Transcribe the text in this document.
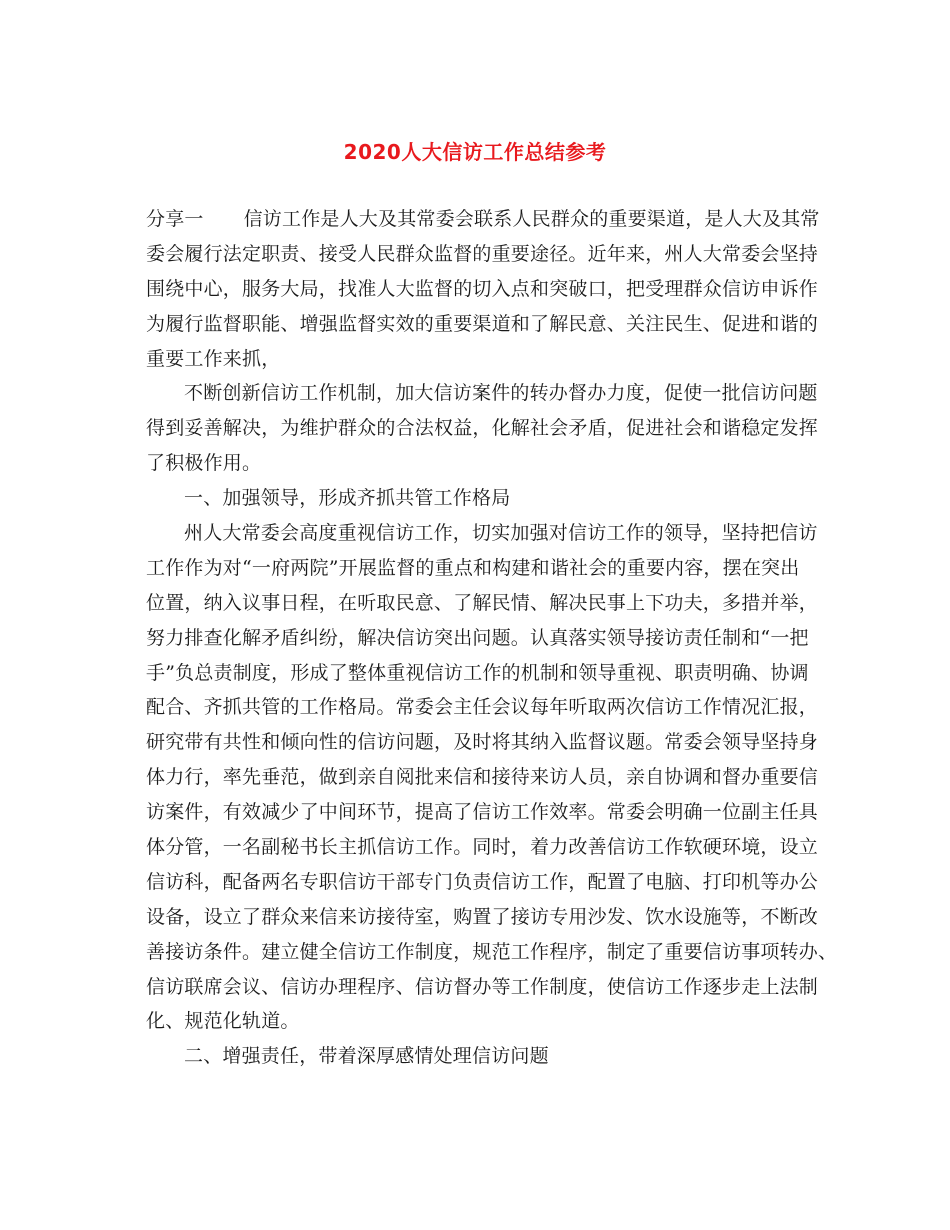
2020人大信访工作总结参考
分享一 信访工作是人大及其常委会联系人民群众的重要渠道，是人大及其常
委会履行法定职责、接受人民群众监督的重要途径。近年来，州人大常委会坚持
围绕中心，服务大局，找准人大监督的切入点和突破口，把受理群众信访申诉作
为履行监督职能、增强监督实效的重要渠道和了解民意、关注民生、促进和谐的
重要工作来抓，
不断创新信访工作机制，加大信访案件的转办督办力度，促使一批信访问题
得到妥善解决，为维护群众的合法权益，化解社会矛盾，促进社会和谐稳定发挥
了积极作用。
一、加强领导，形成齐抓共管工作格局
州人大常委会高度重视信访工作，切实加强对信访工作的领导，坚持把信访
工作作为对“一府两院”开展监督的重点和构建和谐社会的重要内容，摆在突出
位置，纳入议事日程，在听取民意、了解民情、解决民事上下功夫，多措并举，
努力排查化解矛盾纠纷，解决信访突出问题。认真落实领导接访责任制和“一把
手”负总责制度，形成了整体重视信访工作的机制和领导重视、职责明确、协调
配合、齐抓共管的工作格局。常委会主任会议每年听取两次信访工作情况汇报，
研究带有共性和倾向性的信访问题，及时将其纳入监督议题。常委会领导坚持身
体力行，率先垂范，做到亲自阅批来信和接待来访人员，亲自协调和督办重要信
访案件，有效减少了中间环节，提高了信访工作效率。常委会明确一位副主任具
体分管，一名副秘书长主抓信访工作。同时，着力改善信访工作软硬环境，设立
信访科，配备两名专职信访干部专门负责信访工作，配置了电脑、打印机等办公
设备，设立了群众来信来访接待室，购置了接访专用沙发、饮水设施等，不断改
善接访条件。建立健全信访工作制度，规范工作程序，制定了重要信访事项转办、
信访联席会议、信访办理程序、信访督办等工作制度，使信访工作逐步走上法制
化、规范化轨道。
二、增强责任，带着深厚感情处理信访问题
